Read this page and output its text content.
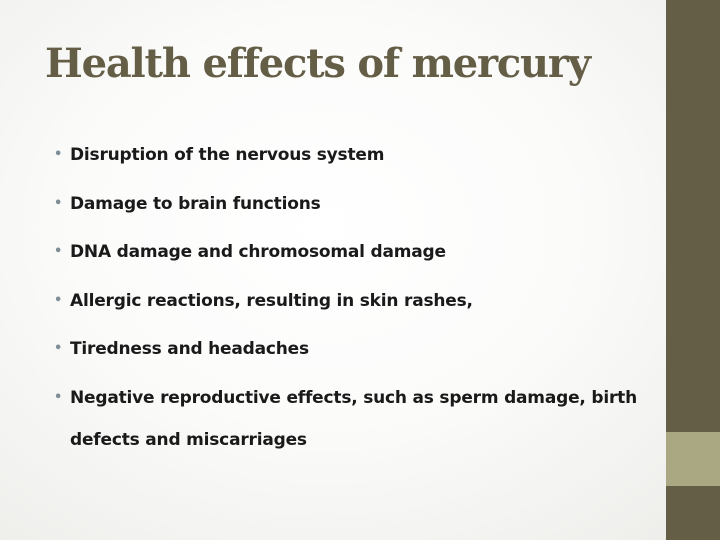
Health effects of mercury
• Disruption of the nervous system
• Damage to brain functions
• DNA damage and chromosomal damage
• Allergic reactions, resulting in skin rashes,
• Tiredness and headaches
• Negative reproductive effects, such as sperm damage, birth defects and miscarriages
